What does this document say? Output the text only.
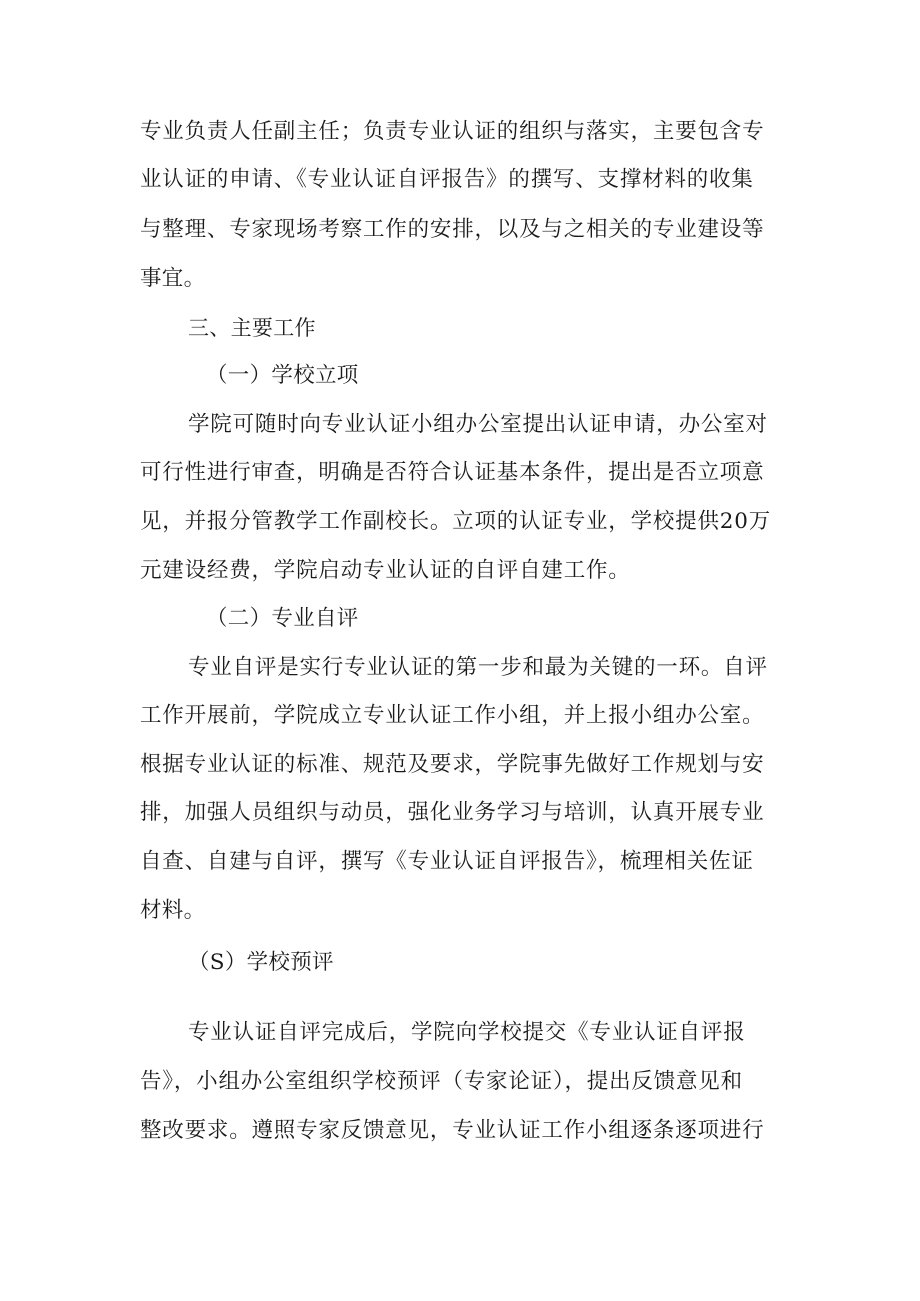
专业负责人任副主任；负责专业认证的组织与落实，主要包含专
业认证的申请、《专业认证自评报告》的撰写、支撑材料的收集
与整理、专家现场考察工作的安排，以及与之相关的专业建设等
事宜。
三、主要工作
（一）学校立项
学院可随时向专业认证小组办公室提出认证申请，办公室对
可行性进行审查，明确是否符合认证基本条件，提出是否立项意
见，并报分管教学工作副校长。立项的认证专业，学校提供20万
元建设经费，学院启动专业认证的自评自建工作。
（二）专业自评
专业自评是实行专业认证的第一步和最为关键的一环。自评
工作开展前，学院成立专业认证工作小组，并上报小组办公室。
根据专业认证的标准、规范及要求，学院事先做好工作规划与安
排，加强人员组织与动员，强化业务学习与培训，认真开展专业
自查、自建与自评，撰写《专业认证自评报告》，梳理相关佐证
材料。
（S）学校预评
专业认证自评完成后，学院向学校提交《专业认证自评报
告》，小组办公室组织学校预评（专家论证），提出反馈意见和
整改要求。遵照专家反馈意见，专业认证工作小组逐条逐项进行
